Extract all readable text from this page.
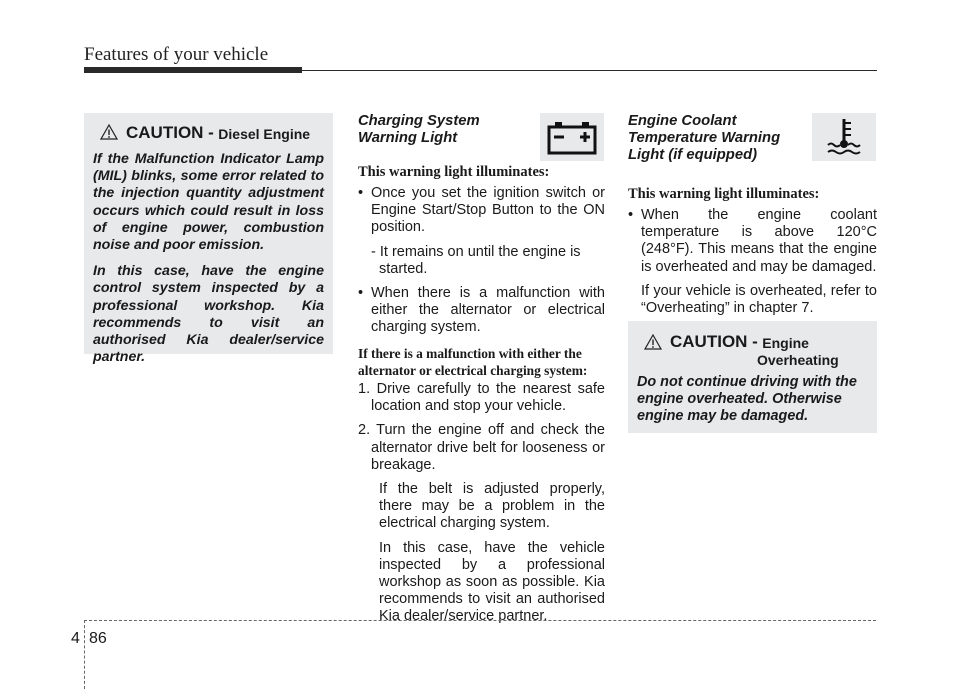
Features of your vehicle
CAUTION -
Diesel Engine

If the Malfunction Indicator Lamp (MIL) blinks, some error related to the injection quantity adjustment occurs which could result in loss of engine power, combustion noise and poor emission.

In this case, have the engine control system inspected by a professional workshop. Kia recommends to visit an authorised Kia dealer/service partner.

Charging System
Warning Light
This warning light illuminates:
• Once you set the ignition switch or Engine Start/Stop Button to the ON position.
- It remains on until the engine is started.
• When there is a malfunction with either the alternator or electrical charging system.
If there is a malfunction with either the alternator or electrical charging system:
1. Drive carefully to the nearest safe location and stop your vehicle.
2. Turn the engine off and check the alternator drive belt for looseness or breakage.
If the belt is adjusted properly, there may be a problem in the electrical charging system.
In this case, have the vehicle inspected by a professional workshop as soon as possible. Kia recommends to visit an authorised Kia dealer/service partner.
Engine Coolant
Temperature Warning
Light (if equipped)
This warning light illuminates:
• When the engine coolant temperature is above 120°C (248°F). This means that the engine is overheated and may be damaged.
If your vehicle is overheated, refer to “Overheating” in chapter 7.
CAUTION -
Engine
Overheating

Do not continue driving with the engine overheated. Otherwise engine may be damaged.

4 86
